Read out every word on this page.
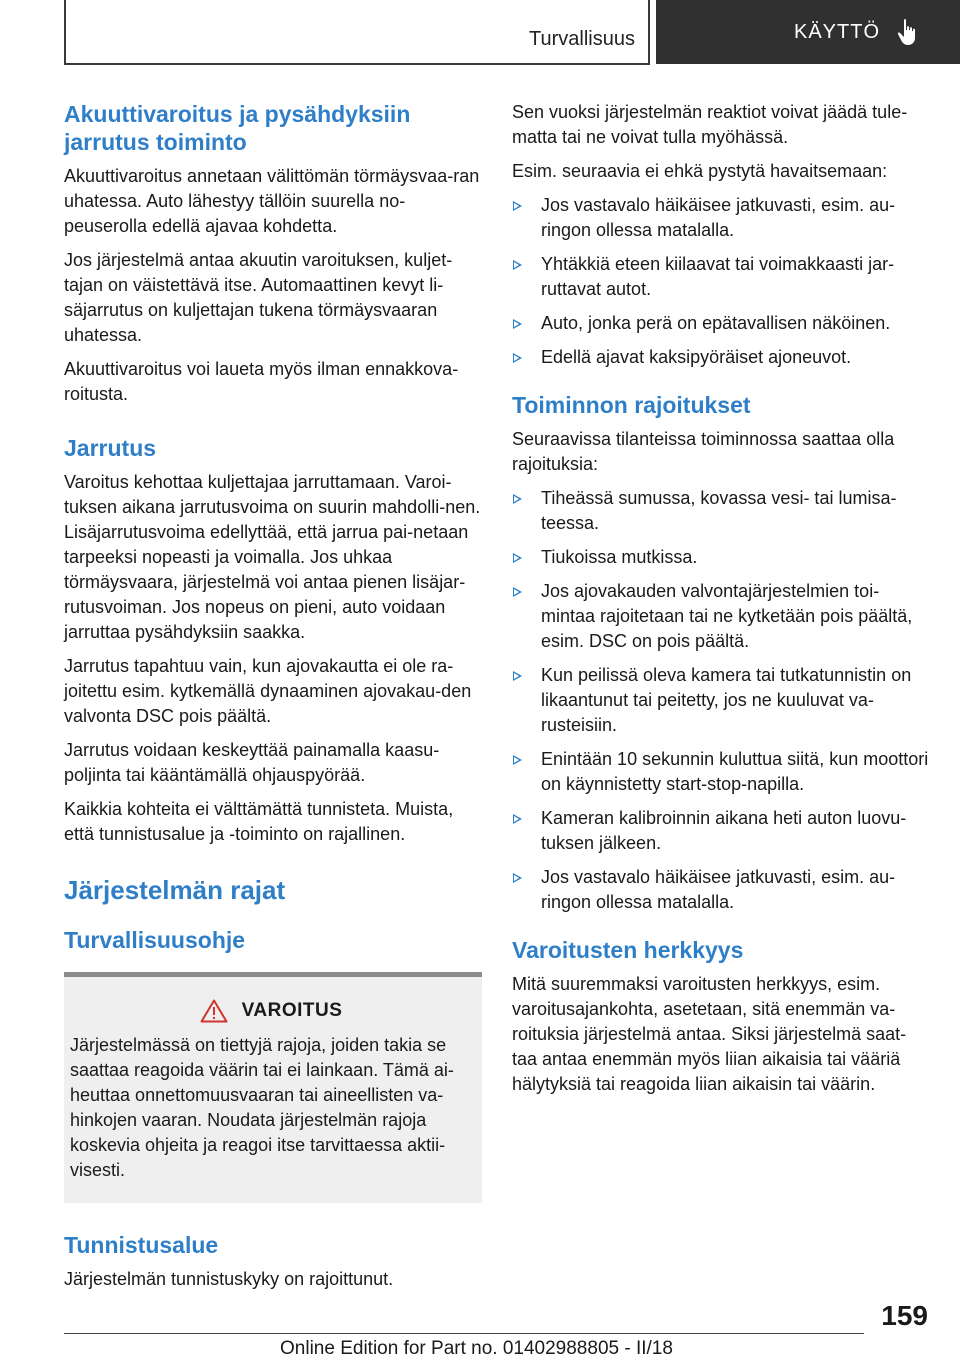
Turvallisuus	KÄYTTÖ
Akuuttivaroitus ja pysähdyksiin jarrutus toiminto

Akuuttivaroitus annetaan välittömän törmäysvaa-ran uhatessa. Auto lähestyy tällöin suurella no-peuserolla edellä ajavaa kohdetta.

Jos järjestelmä antaa akuutin varoituksen, kuljet-tajan on väistettävä itse. Automaattinen kevyt li-säjarrutus on kuljettajan tukena törmäysvaaran uhatessa.

Akuuttivaroitus voi laueta myös ilman ennakkova-roitusta.

Jarrutus

Varoitus kehottaa kuljettajaa jarruttamaan. Varoi-tuksen aikana jarrutusvoima on suurin mahdolli-nen. Lisäjarrutusvoima edellyttää, että jarrua pai-netaan tarpeeksi nopeasti ja voimalla. Jos uhkaa törmäysvaara, järjestelmä voi antaa pienen lisäjar-rutusvoiman. Jos nopeus on pieni, auto voidaan jarruttaa pysähdyksiin saakka.

Jarrutus tapahtuu vain, kun ajovakautta ei ole ra-joitettu esim. kytkemällä dynaaminen ajovakau-den valvonta DSC pois päältä.

Jarrutus voidaan keskeyttää painamalla kaasu-poljinta tai kääntämällä ohjauspyörää.

Kaikkia kohteita ei välttämättä tunnisteta. Muista, että tunnistusalue ja -toiminto on rajallinen.

Järjestelmän rajat
Turvallisuusohje
VAROITUS

Järjestelmässä on tiettyjä rajoja, joiden takia se saattaa reagoida väärin tai ei lainkaan. Tämä ai-heuttaa onnettomuusvaaran tai aineellisten va-hinkojen vaaran. Noudata järjestelmän rajoja koskevia ohjeita ja reagoi itse tarvittaessa aktii-visesti.

Tunnistusalue

Järjestelmän tunnistuskyky on rajoittunut.

Sen vuoksi järjestelmän reaktiot voivat jäädä tule-matta tai ne voivat tulla myöhässä.

Esim. seuraavia ei ehkä pystytä havaitsemaan:

Jos vastavalo häikäisee jatkuvasti, esim. au-ringon ollessa matalalla.
Yhtäkkiä eteen kiilaavat tai voimakkaasti jar-ruttavat autot.
Auto, jonka perä on epätavallisen näköinen.
Edellä ajavat kaksipyöräiset ajoneuvot.
Toiminnon rajoitukset

Seuraavissa tilanteissa toiminnossa saattaa olla rajoituksia:

Tiheässä sumussa, kovassa vesi- tai lumisa-teessa.
Tiukoissa mutkissa.
Jos ajovakauden valvontajärjestelmien toi-mintaa rajoitetaan tai ne kytketään pois päältä, esim. DSC on pois päältä.
Kun peilissä oleva kamera tai tutkatunnistin on likaantunut tai peitetty, jos ne kuuluvat va-rusteisiin.
Enintään 10 sekunnin kuluttua siitä, kun moottori on käynnistetty start-stop-napilla.
Kameran kalibroinnin aikana heti auton luovu-tuksen jälkeen.
Jos vastavalo häikäisee jatkuvasti, esim. au-ringon ollessa matalalla.
Varoitusten herkkyys

Mitä suuremmaksi varoitusten herkkyys, esim. varoitusajankohta, asetetaan, sitä enemmän va-roituksia järjestelmä antaa. Siksi järjestelmä saat-taa antaa enemmän myös liian aikaisia tai vääriä hälytyksiä tai reagoida liian aikaisin tai väärin.

159
Online Edition for Part no. 01402988805 - II/18
